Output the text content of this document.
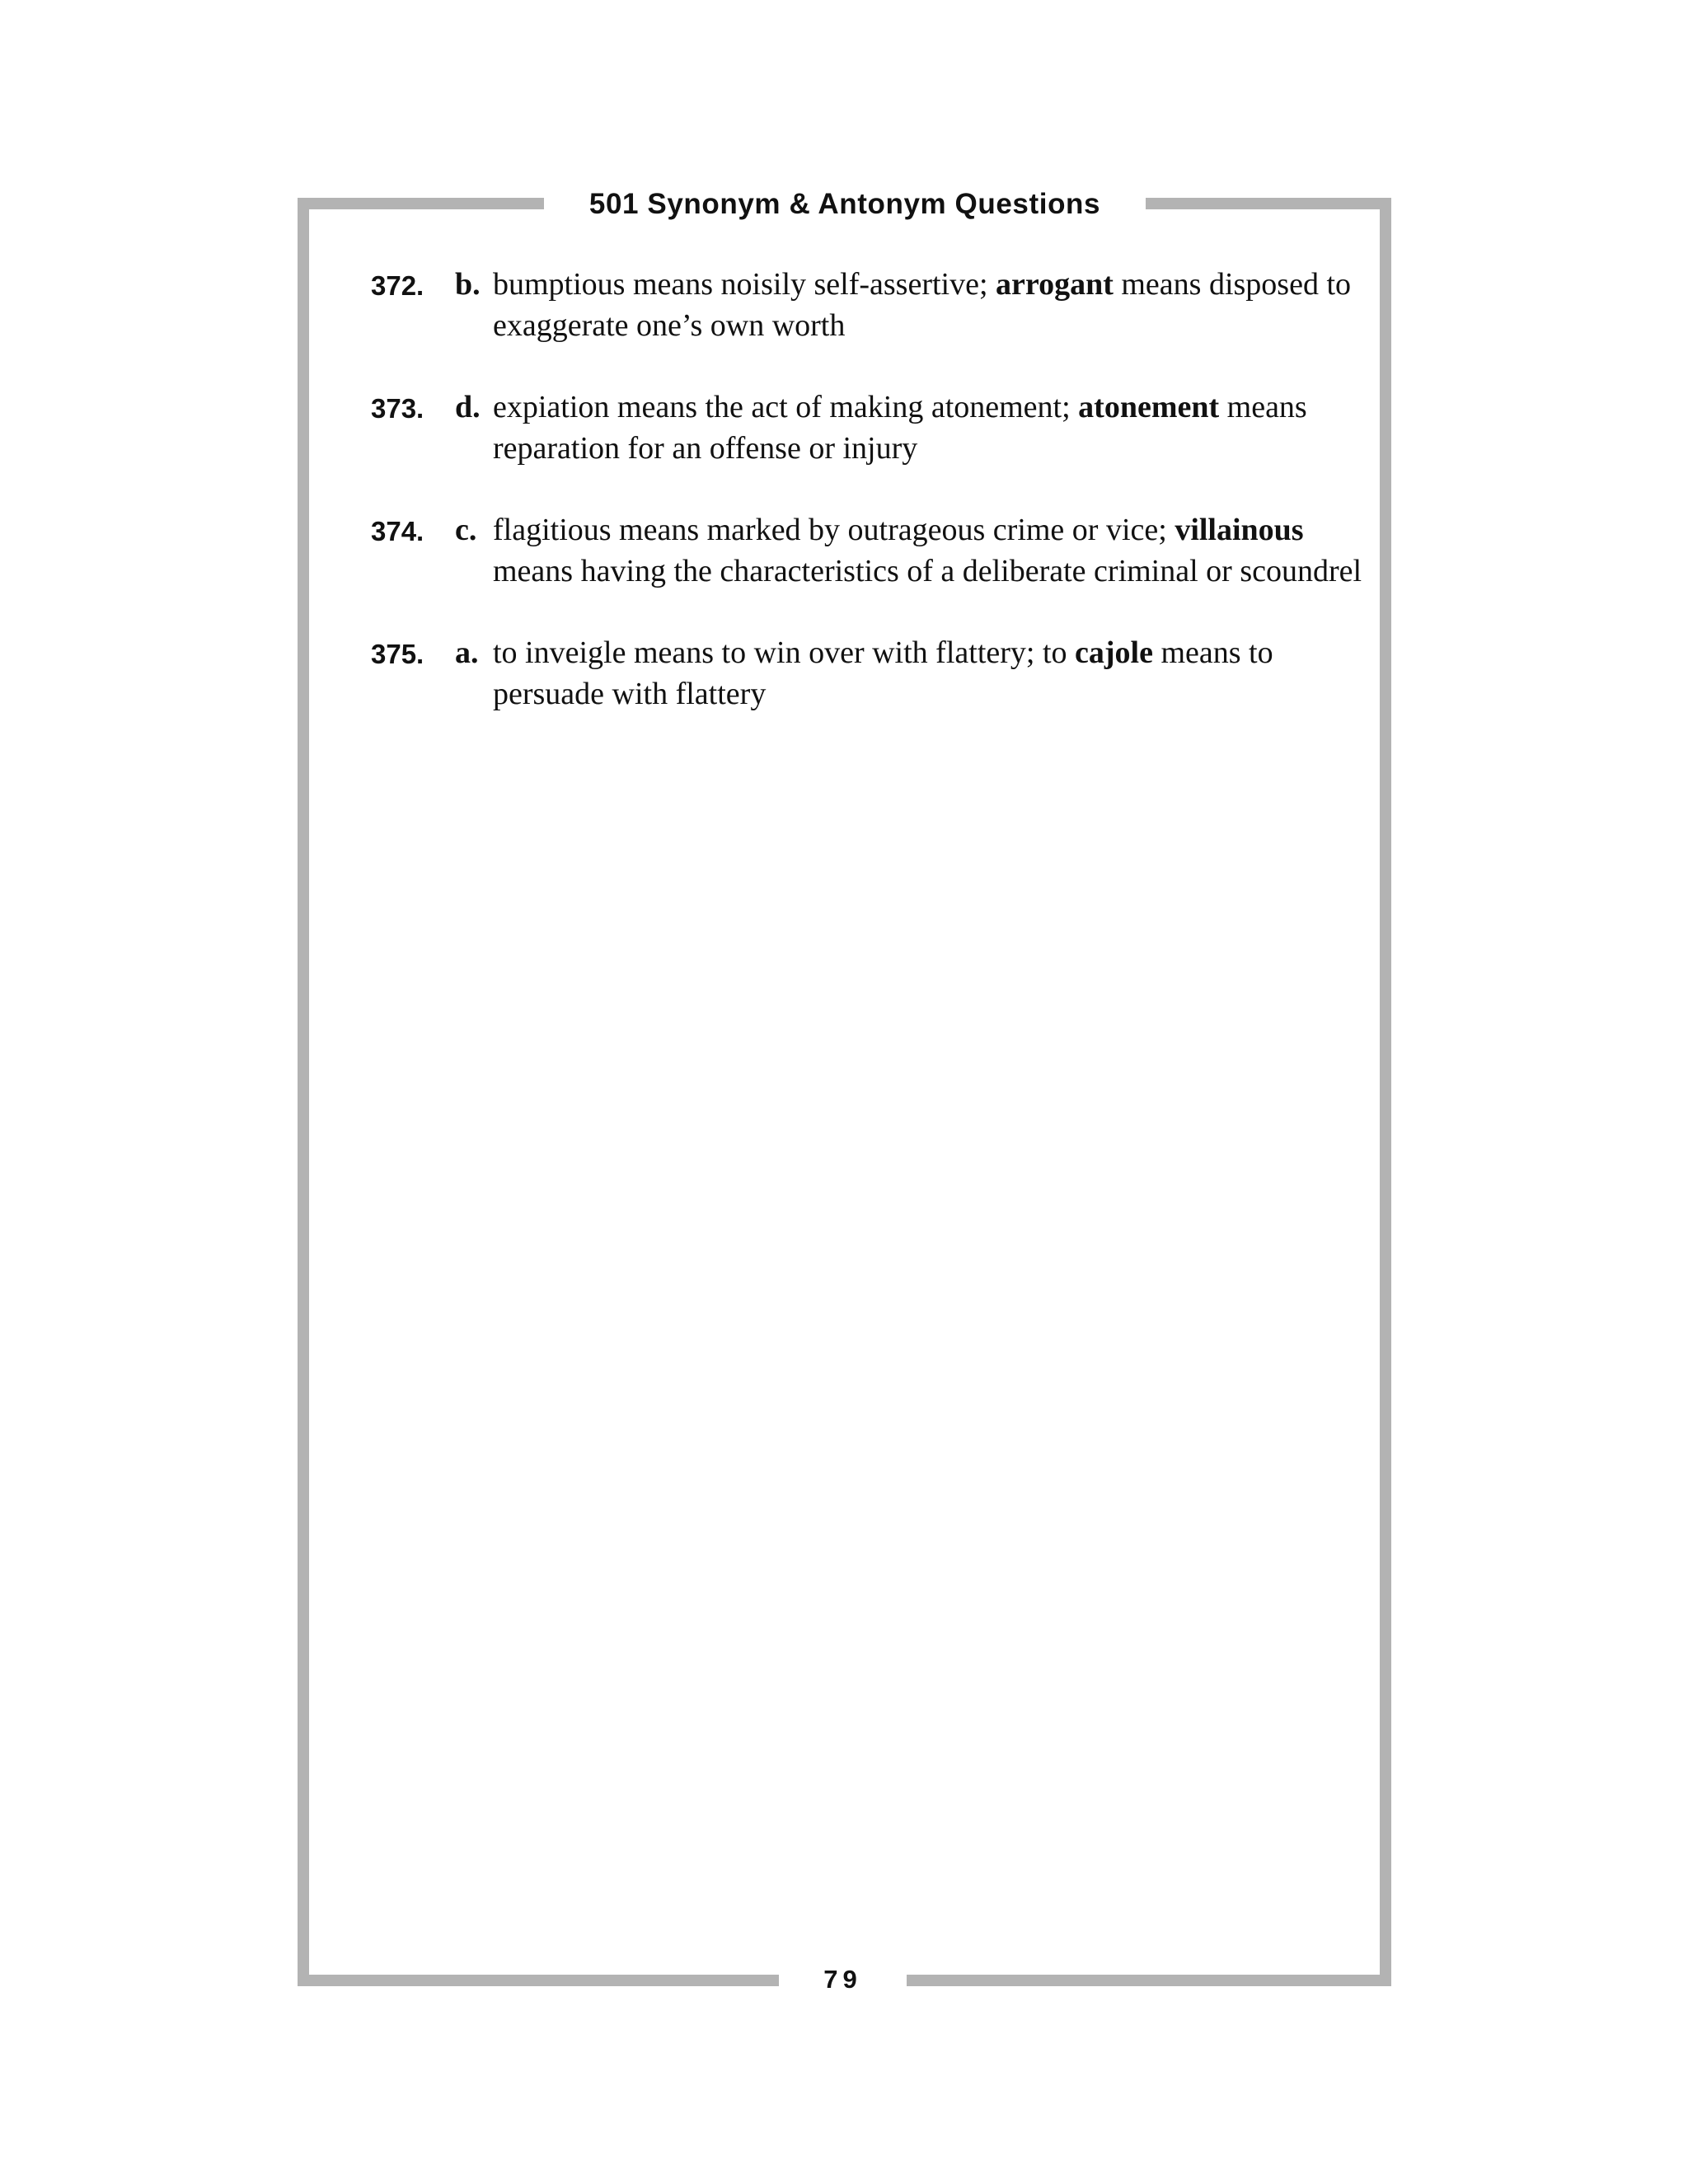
501 Synonym & Antonym Questions
372. b. bumptious means noisily self-assertive; arrogant means disposed to exaggerate one’s own worth
373. d. expiation means the act of making atonement; atonement means reparation for an offense or injury
374. c. flagitious means marked by outrageous crime or vice; villainous means having the characteristics of a deliberate criminal or scoundrel
375. a. to inveigle means to win over with flattery; to cajole means to persuade with flattery
79
